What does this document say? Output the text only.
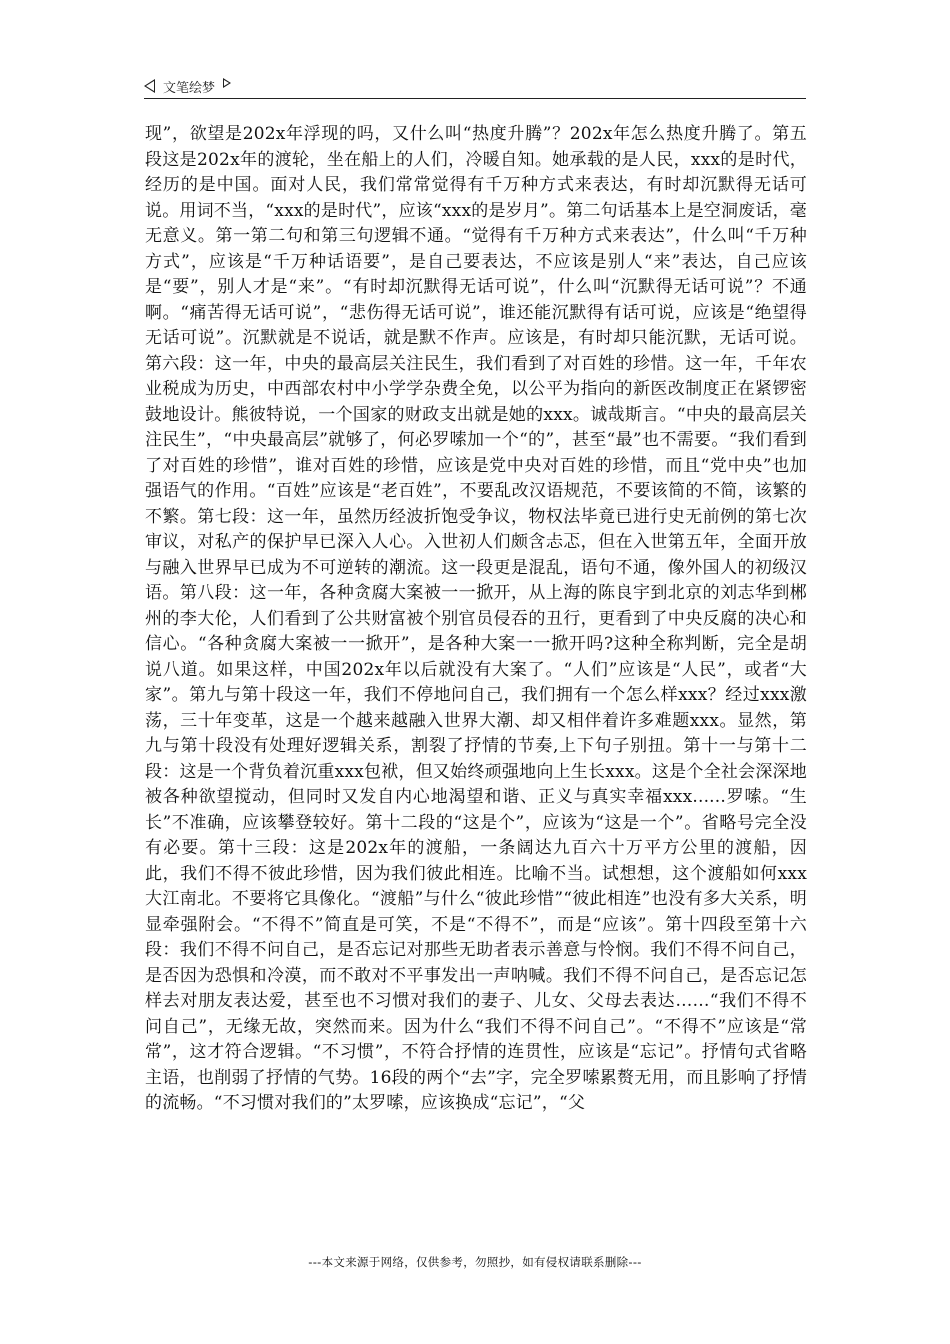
文笔绘梦
现”，欲望是202x年浮现的吗，又什么叫“热度升腾”？202x年怎么热度升腾了。第五段这是202x年的渡轮，坐在船上的人们，冷暖自知。她承载的是人民，xxx的是时代，经历的是中国。面对人民，我们常常觉得有千万种方式来表达，有时却沉默得无话可说。用词不当，“xxx的是时代”，应该“xxx的是岁月”。第二句话基本上是空洞废话，毫无意义。第一第二句和第三句逻辑不通。“觉得有千万种方式来表达”，什么叫“千万种方式”，应该是“千万种话语要”，是自己要表达，不应该是别人“来”表达，自己应该是“要”，别人才是“来”。“有时却沉默得无话可说”，什么叫“沉默得无话可说”？不通啊。“痛苦得无话可说”，“悲伤得无话可说”，谁还能沉默得有话可说，应该是“绝望得无话可说”。沉默就是不说话，就是默不作声。应该是，有时却只能沉默，无话可说。第六段：这一年，中央的最高层关注民生，我们看到了对百姓的珍惜。这一年，千年农业税成为历史，中西部农村中小学学杂费全免，以公平为指向的新医改制度正在紧锣密鼓地设计。熊彼特说，一个国家的财政支出就是她的xxx。诚哉斯言。“中央的最高层关注民生”，“中央最高层”就够了，何必罗嗦加一个“的”，甚至“最”也不需要。“我们看到了对百姓的珍惜”，谁对百姓的珍惜，应该是党中央对百姓的珍惜，而且“党中央”也加强语气的作用。“百姓”应该是“老百姓”，不要乱改汉语规范，不要该简的不简，该繁的不繁。第七段：这一年，虽然历经波折饱受争议，物权法毕竟已进行史无前例的第七次审议，对私产的保护早已深入人心。入世初人们颇含忐忑，但在入世第五年，全面开放与融入世界早已成为不可逆转的潮流。这一段更是混乱，语句不通，像外国人的初级汉语。第八段：这一年，各种贪腐大案被一一掀开，从上海的陈良宇到北京的刘志华到郴州的李大伦，人们看到了公共财富被个别官员侵吞的丑行，更看到了中央反腐的决心和信心。“各种贪腐大案被一一掀开”，是各种大案一一掀开吗?这种全称判断，完全是胡说八道。如果这样，中国202x年以后就没有大案了。“人们”应该是“人民”，或者“大家”。第九与第十段这一年，我们不停地问自己，我们拥有一个怎么样xxx？经过xxx激荡，三十年变革，这是一个越来越融入世界大潮、却又相伴着许多难题xxx。显然，第九与第十段没有处理好逻辑关系，割裂了抒情的节奏,上下句子别扭。第十一与第十二段：这是一个背负着沉重xxx包袱，但又始终顽强地向上生长xxx。这是个全社会深深地被各种欲望搅动，但同时又发自内心地渴望和谐、正义与真实幸福xxx......罗嗦。“生长”不准确，应该攀登较好。第十二段的“这是个”，应该为“这是一个”。省略号完全没有必要。第十三段：这是202x年的渡船，一条阔达九百六十万平方公里的渡船，因此，我们不得不彼此珍惜，因为我们彼此相连。比喻不当。试想想，这个渡船如何xxx大江南北。不要将它具像化。“渡船”与什么“彼此珍惜”“彼此相连”也没有多大关系，明显牵强附会。“不得不”简直是可笑，不是“不得不”，而是“应该”。第十四段至第十六段：我们不得不问自己，是否忘记对那些无助者表示善意与怜悯。我们不得不问自己，是否因为恐惧和冷漠，而不敢对不平事发出一声呐喊。我们不得不问自己，是否忘记怎样去对朋友表达爱，甚至也不习惯对我们的妻子、儿女、父母去表达……“我们不得不问自己”，无缘无故，突然而来。因为什么“我们不得不问自己”。“不得不”应该是“常常”，这才符合逻辑。“不习惯”，不符合抒情的连贯性，应该是“忘记”。抒情句式省略主语，也削弱了抒情的气势。16段的两个“去”字，完全罗嗦累赘无用，而且影响了抒情的流畅。“不习惯对我们的”太罗嗦，应该换成“忘记”，“父
---本文来源于网络，仅供参考，勿照抄，如有侵权请联系删除---
